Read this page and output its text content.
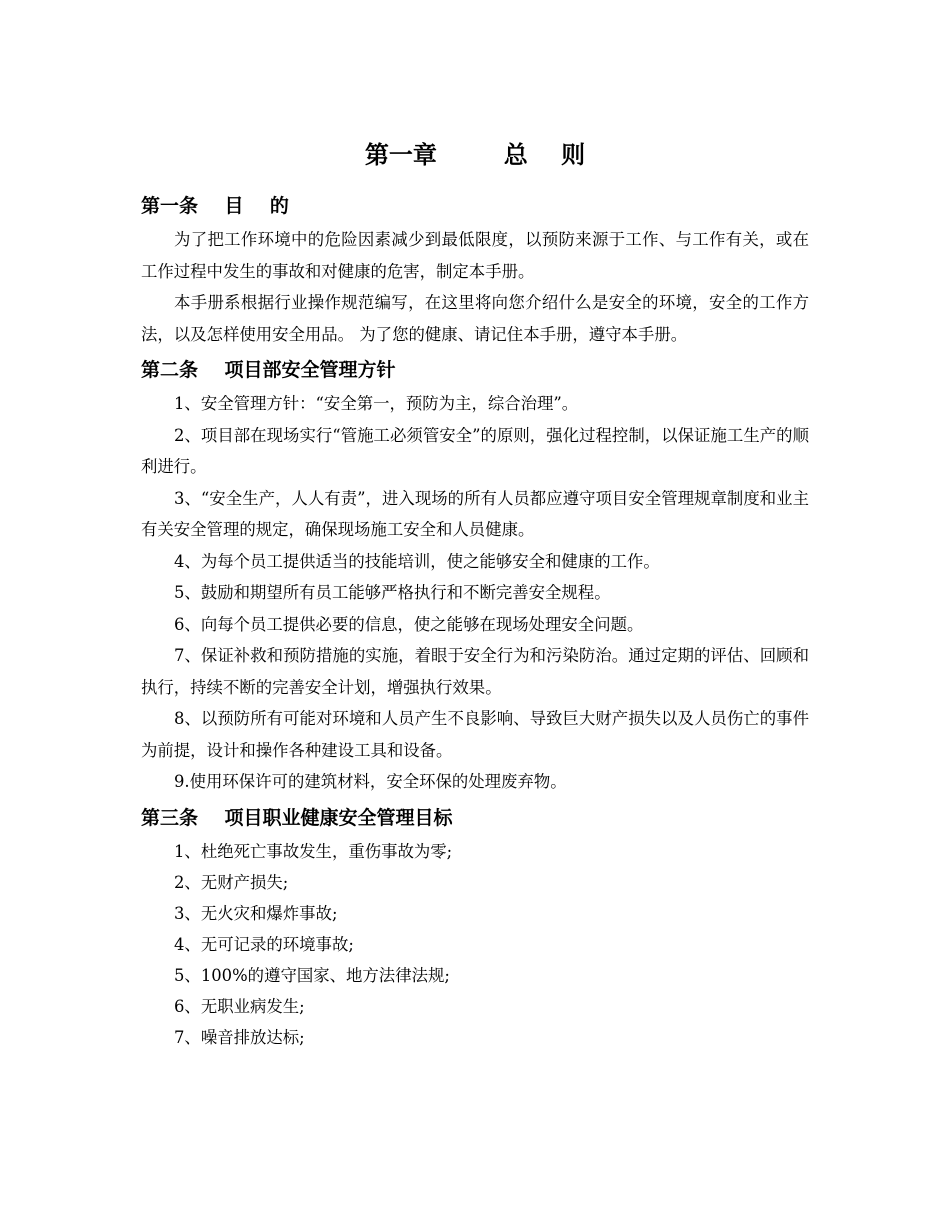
第一章        总    则
第一条    目    的

为了把工作环境中的危险因素减少到最低限度，以预防来源于工作、与工作有关，或在工作过程中发生的事故和对健康的危害，制定本手册。

本手册系根据行业操作规范编写，在这里将向您介绍什么是安全的环境，安全的工作方法，以及怎样使用安全用品。 为了您的健康、请记住本手册，遵守本手册。

第二条    项目部安全管理方针

1、安全管理方针：“安全第一，预防为主，综合治理”。

2、项目部在现场实行“管施工必须管安全”的原则，强化过程控制，以保证施工生产的顺利进行。

3、“安全生产，人人有责”，进入现场的所有人员都应遵守项目安全管理规章制度和业主有关安全管理的规定，确保现场施工安全和人员健康。

4、为每个员工提供适当的技能培训，使之能够安全和健康的工作。

5、鼓励和期望所有员工能够严格执行和不断完善安全规程。

6、向每个员工提供必要的信息，使之能够在现场处理安全问题。

7、保证补救和预防措施的实施，着眼于安全行为和污染防治。通过定期的评估、回顾和执行，持续不断的完善安全计划，增强执行效果。

8、以预防所有可能对环境和人员产生不良影响、导致巨大财产损失以及人员伤亡的事件为前提，设计和操作各种建设工具和设备。

9.使用环保许可的建筑材料，安全环保的处理废弃物。

第三条    项目职业健康安全管理目标

1、杜绝死亡事故发生，重伤事故为零;

2、无财产损失;

3、无火灾和爆炸事故;

4、无可记录的环境事故;

5、100%的遵守国家、地方法律法规;

6、无职业病发生;

7、噪音排放达标;
